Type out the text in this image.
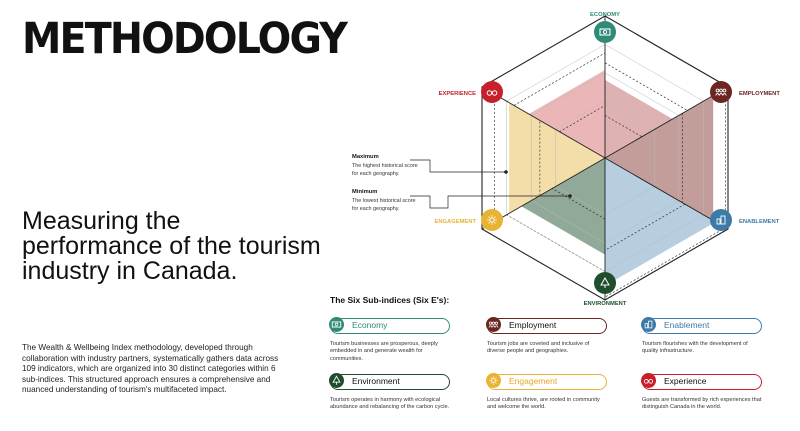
METHODOLOGY
Measuring the performance of the tourism industry in Canada.
The Wealth & Wellbeing Index methodology, developed through collaboration with industry partners, systematically gathers data across 109 indicators, which are organized into 30 distinct categories within 6 sub-indices. This structured approach ensures a comprehensive and nuanced understanding of tourism's multifaceted impact.
ECONOMY
EMPLOYMENT
ENABLEMENT
ENVIRONMENT
ENGAGEMENT
EXPERIENCE
Maximum
The highest historical score
for each geography.
Minimum
The lowest historical score
for each geography.
The Six Sub-indices (Six E's):
Economy
Tourism businesses are prosperous, deeply embedded in and generate wealth for communities.
Employment
Tourism jobs are coveted and inclusive of diverse people and geographies.
Enablement
Tourism flourishes with the development of quality infrastructure.
Environment
Tourism operates in harmony with ecological abundance and rebalancing of the carbon cycle.
Engagement
Local cultures thrive, are rooted in community and welcome the world.
Experience
Guests are transformed by rich experiences that distinguish Canada in the world.
